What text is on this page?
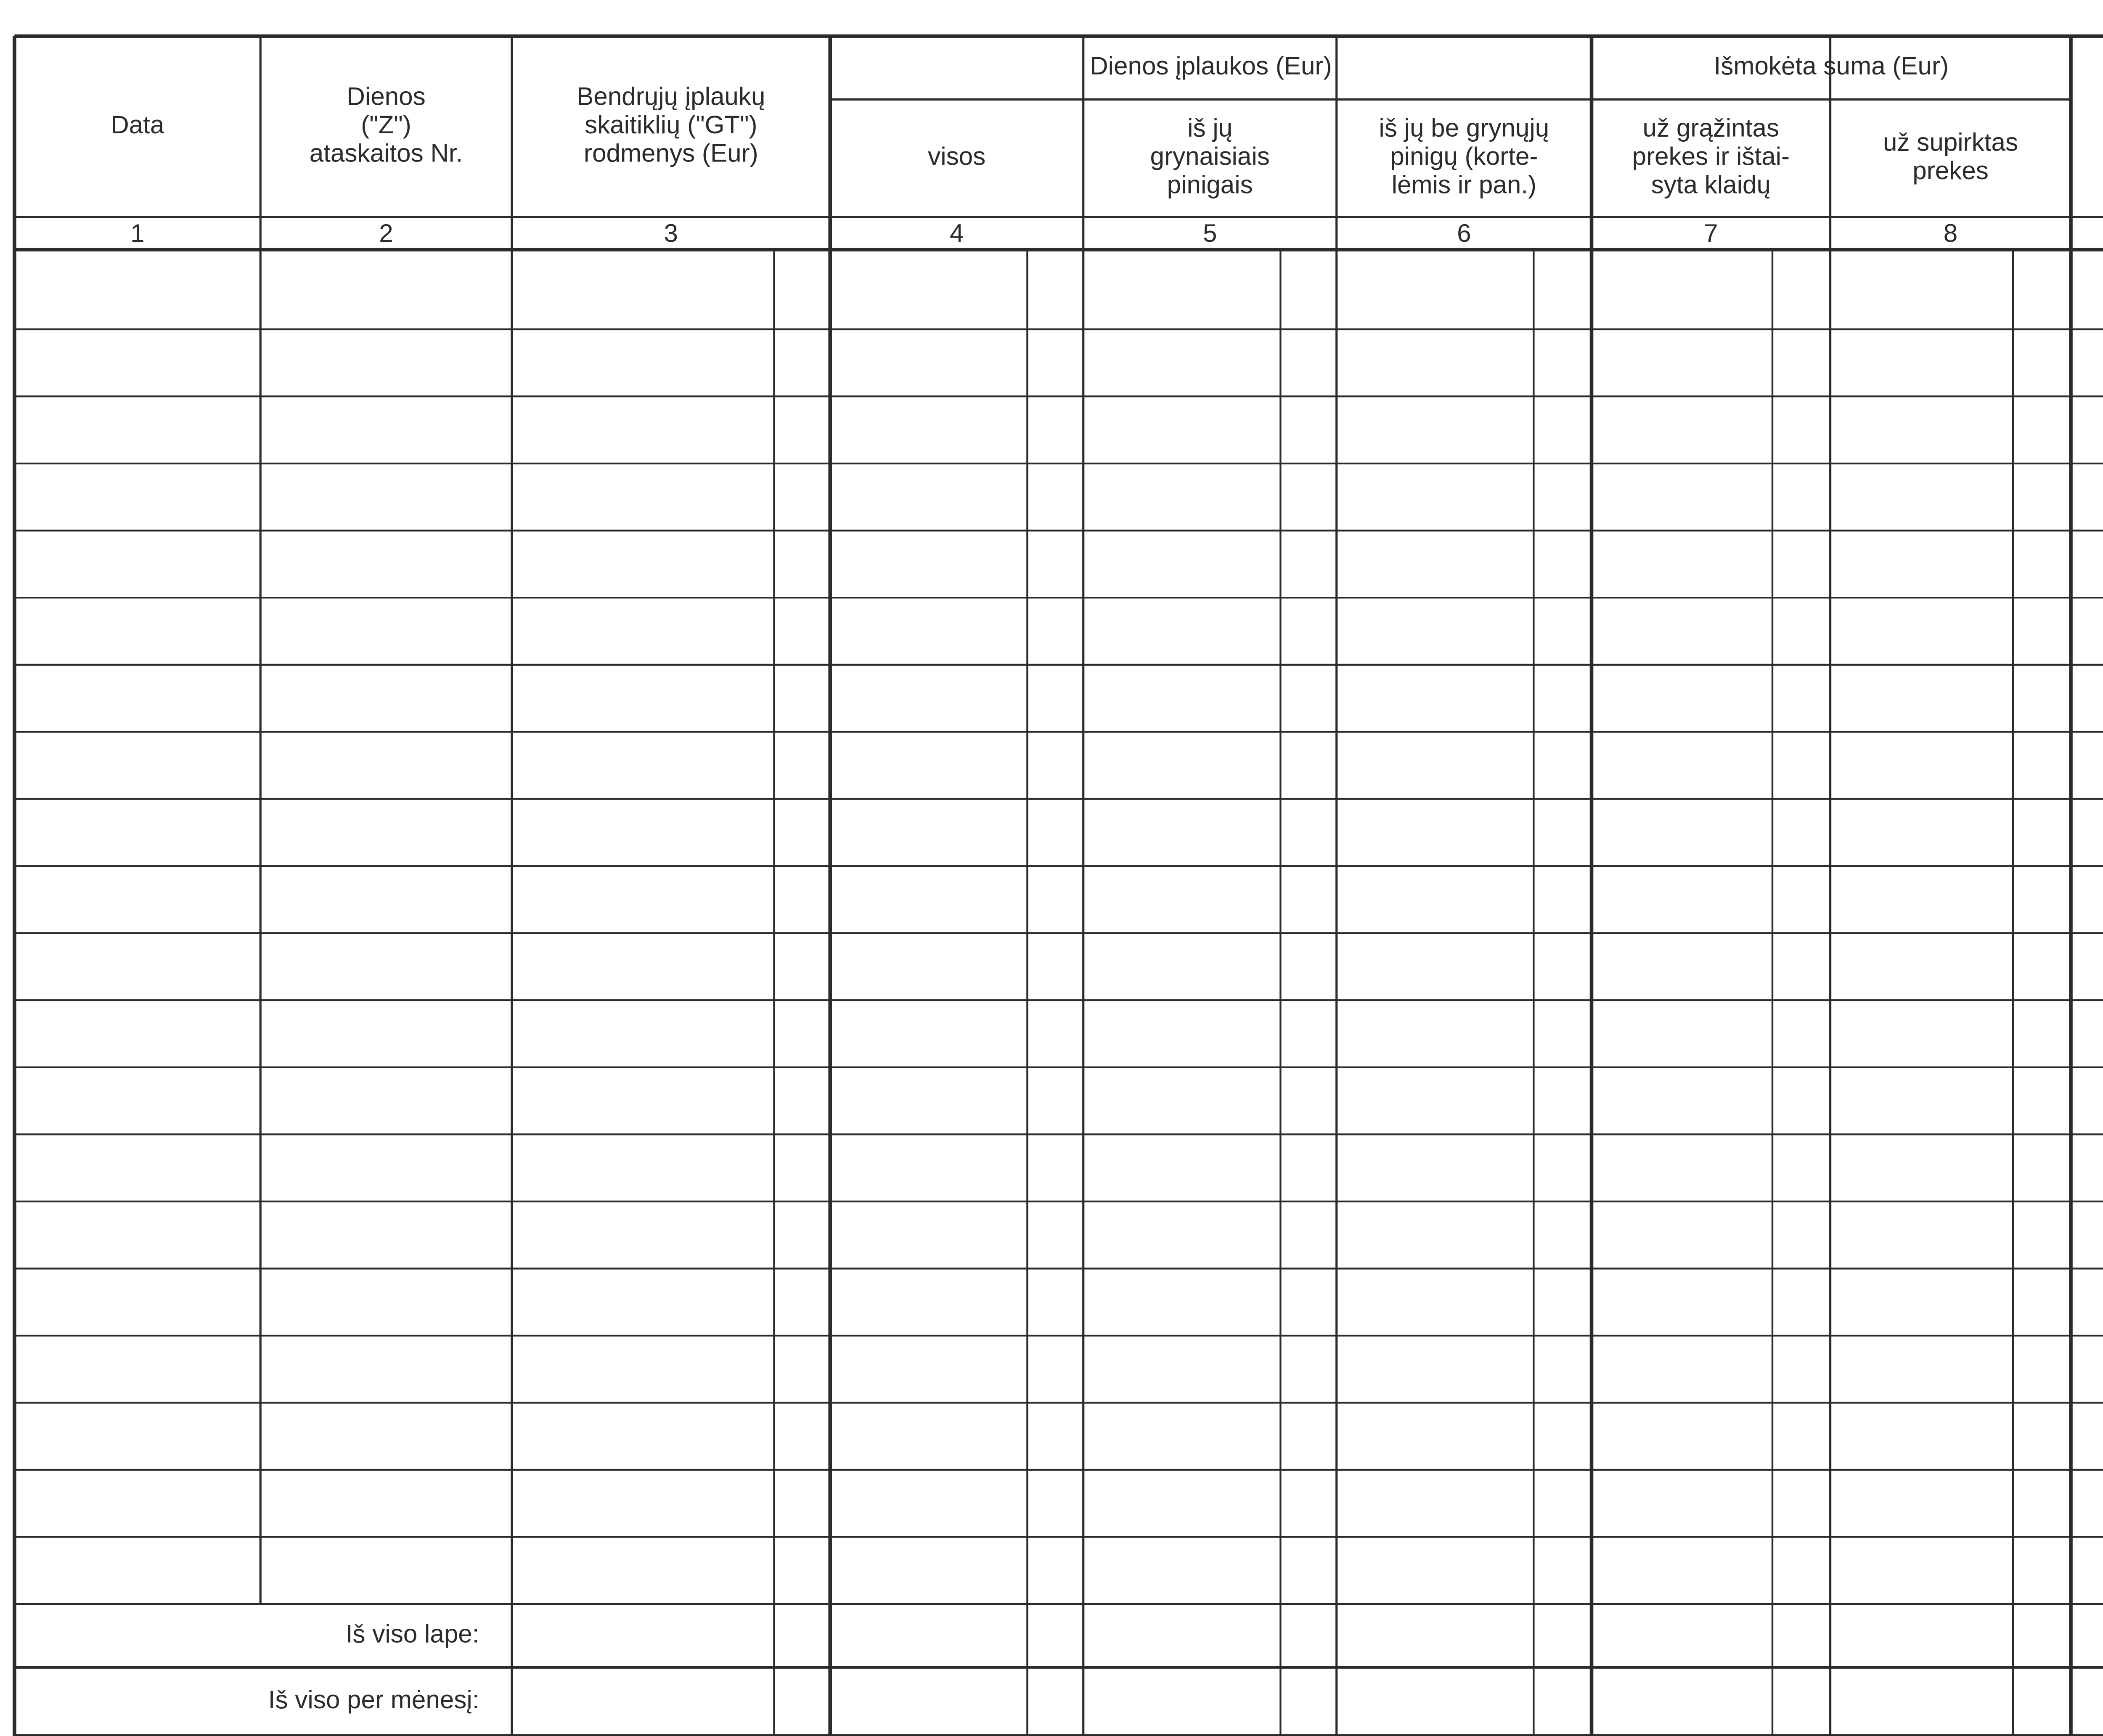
Data
1
Dienos ("Z") ataskaitos Nr.
2
Bendrųjų įplaukų skaitiklių ("GT") rodmenys (Eur)
3
visos
4
iš jų grynaisiais pinigais
5
iš jų be grynųjų pinigų (korte-lėmis ir pan.)
6
už grąžintas prekes ir ištai-syta klaidų
7
už supirktas prekes
8
Dienos įplaukos (Eur)	Išmokėta suma (Eur)
Iš viso lape:
Iš viso per mėnesį:
